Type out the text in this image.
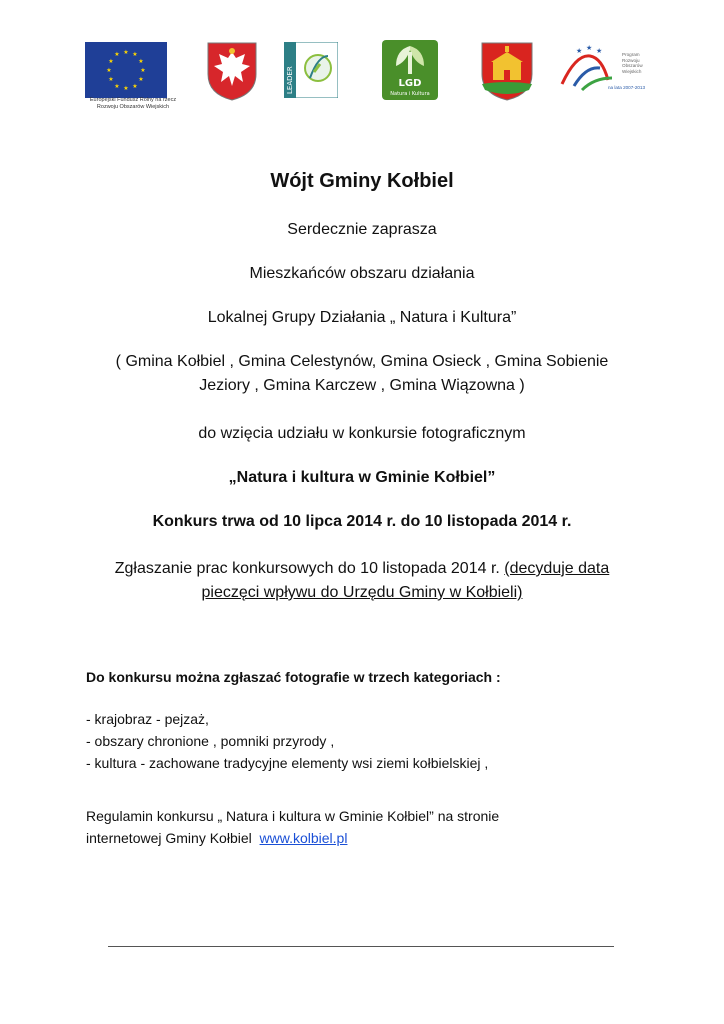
★ ★
★
★
★
★
★
★
★
★
★
★
Europejski Fundusz Rolny na rzecz
Rozwoju Obszarów Wiejskich
LEADER	LGD
Natura i Kultura
★ ★ ★	Program
Rozwoju
Obszarów
Wiejskich
na lata 2007-2013
Wójt Gminy Kołbiel
Serdecznie zaprasza
Mieszkańców obszaru działania
Lokalnej Grupy Działania „ Natura i Kultura”
( Gmina Kołbiel , Gmina Celestynów, Gmina Osieck , Gmina Sobienie
Jeziory , Gmina Karczew , Gmina Wiązowna )
do wzięcia udziału w konkursie fotograficznym
„Natura i kultura w Gminie Kołbiel”
Konkurs trwa od 10 lipca 2014 r. do 10 listopada 2014 r.
Zgłaszanie prac konkursowych do 10 listopada 2014 r. (decyduje data
pieczęci wpływu do Urzędu Gminy w Kołbieli)
Do konkursu można zgłaszać fotografie w trzech kategoriach :
- krajobraz - pejzaż,
- obszary chronione , pomniki przyrody ,
- kultura - zachowane tradycyjne elementy wsi ziemi kołbielskiej ,
Regulamin konkursu „ Natura i kultura w Gminie Kołbiel” na stronie
internetowej Gminy Kołbiel www.kolbiel.pl
